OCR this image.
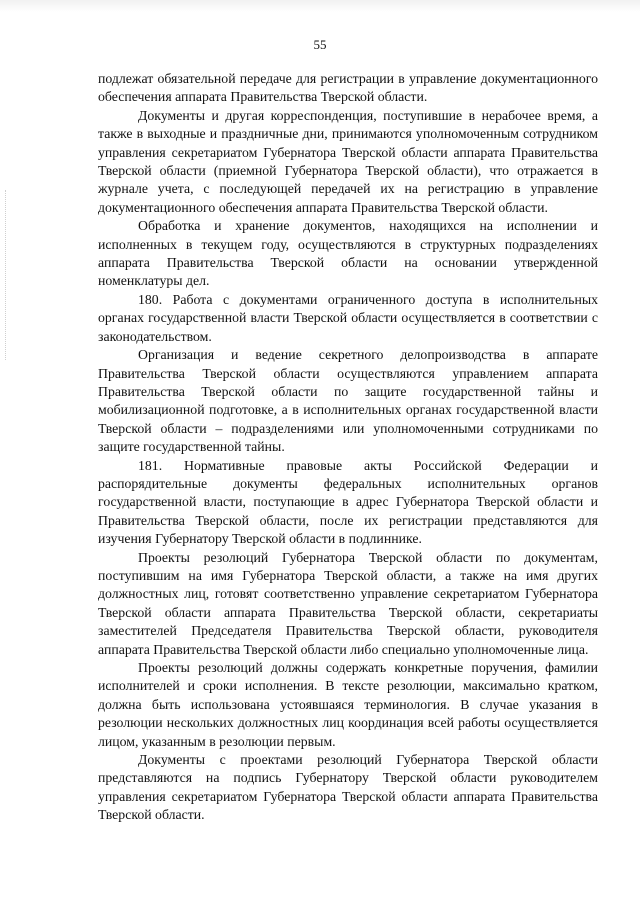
55

подлежат обязательной передаче для регистрации в управление документационного обеспечения аппарата Правительства Тверской области.

Документы и другая корреспонденция, поступившие в нерабочее время, а также в выходные и праздничные дни, принимаются уполномоченным сотрудником управления секретариатом Губернатора Тверской области аппарата Правительства Тверской области (приемной Губернатора Тверской области), что отражается в журнале учета, с последующей передачей их на регистрацию в управление документационного обеспечения аппарата Правительства Тверской области.

Обработка и хранение документов, находящихся на исполнении и исполненных в текущем году, осуществляются в структурных подразделениях аппарата Правительства Тверской области на основании утвержденной номенклатуры дел.

180. Работа с документами ограниченного доступа в исполнительных органах государственной власти Тверской области осуществляется в соответствии с законодательством.

Организация и ведение секретного делопроизводства в аппарате Правительства Тверской области осуществляются управлением аппарата Правительства Тверской области по защите государственной тайны и мобилизационной подготовке, а в исполнительных органах государственной власти Тверской области – подразделениями или уполномоченными сотрудниками по защите государственной тайны.

181. Нормативные правовые акты Российской Федерации и распорядительные документы федеральных исполнительных органов государственной власти, поступающие в адрес Губернатора Тверской области и Правительства Тверской области, после их регистрации представляются для изучения Губернатору Тверской области в подлиннике.

Проекты резолюций Губернатора Тверской области по документам, поступившим на имя Губернатора Тверской области, а также на имя других должностных лиц, готовят соответственно управление секретариатом Губернатора Тверской области аппарата Правительства Тверской области, секретариаты заместителей Председателя Правительства Тверской области, руководителя аппарата Правительства Тверской области либо специально уполномоченные лица.

Проекты резолюций должны содержать конкретные поручения, фамилии исполнителей и сроки исполнения. В тексте резолюции, максимально кратком, должна быть использована устоявшаяся терминология. В случае указания в резолюции нескольких должностных лиц координация всей работы осуществляется лицом, указанным в резолюции первым.

Документы с проектами резолюций Губернатора Тверской области представляются на подпись Губернатору Тверской области руководителем управления секретариатом Губернатора Тверской области аппарата Правительства Тверской области.
